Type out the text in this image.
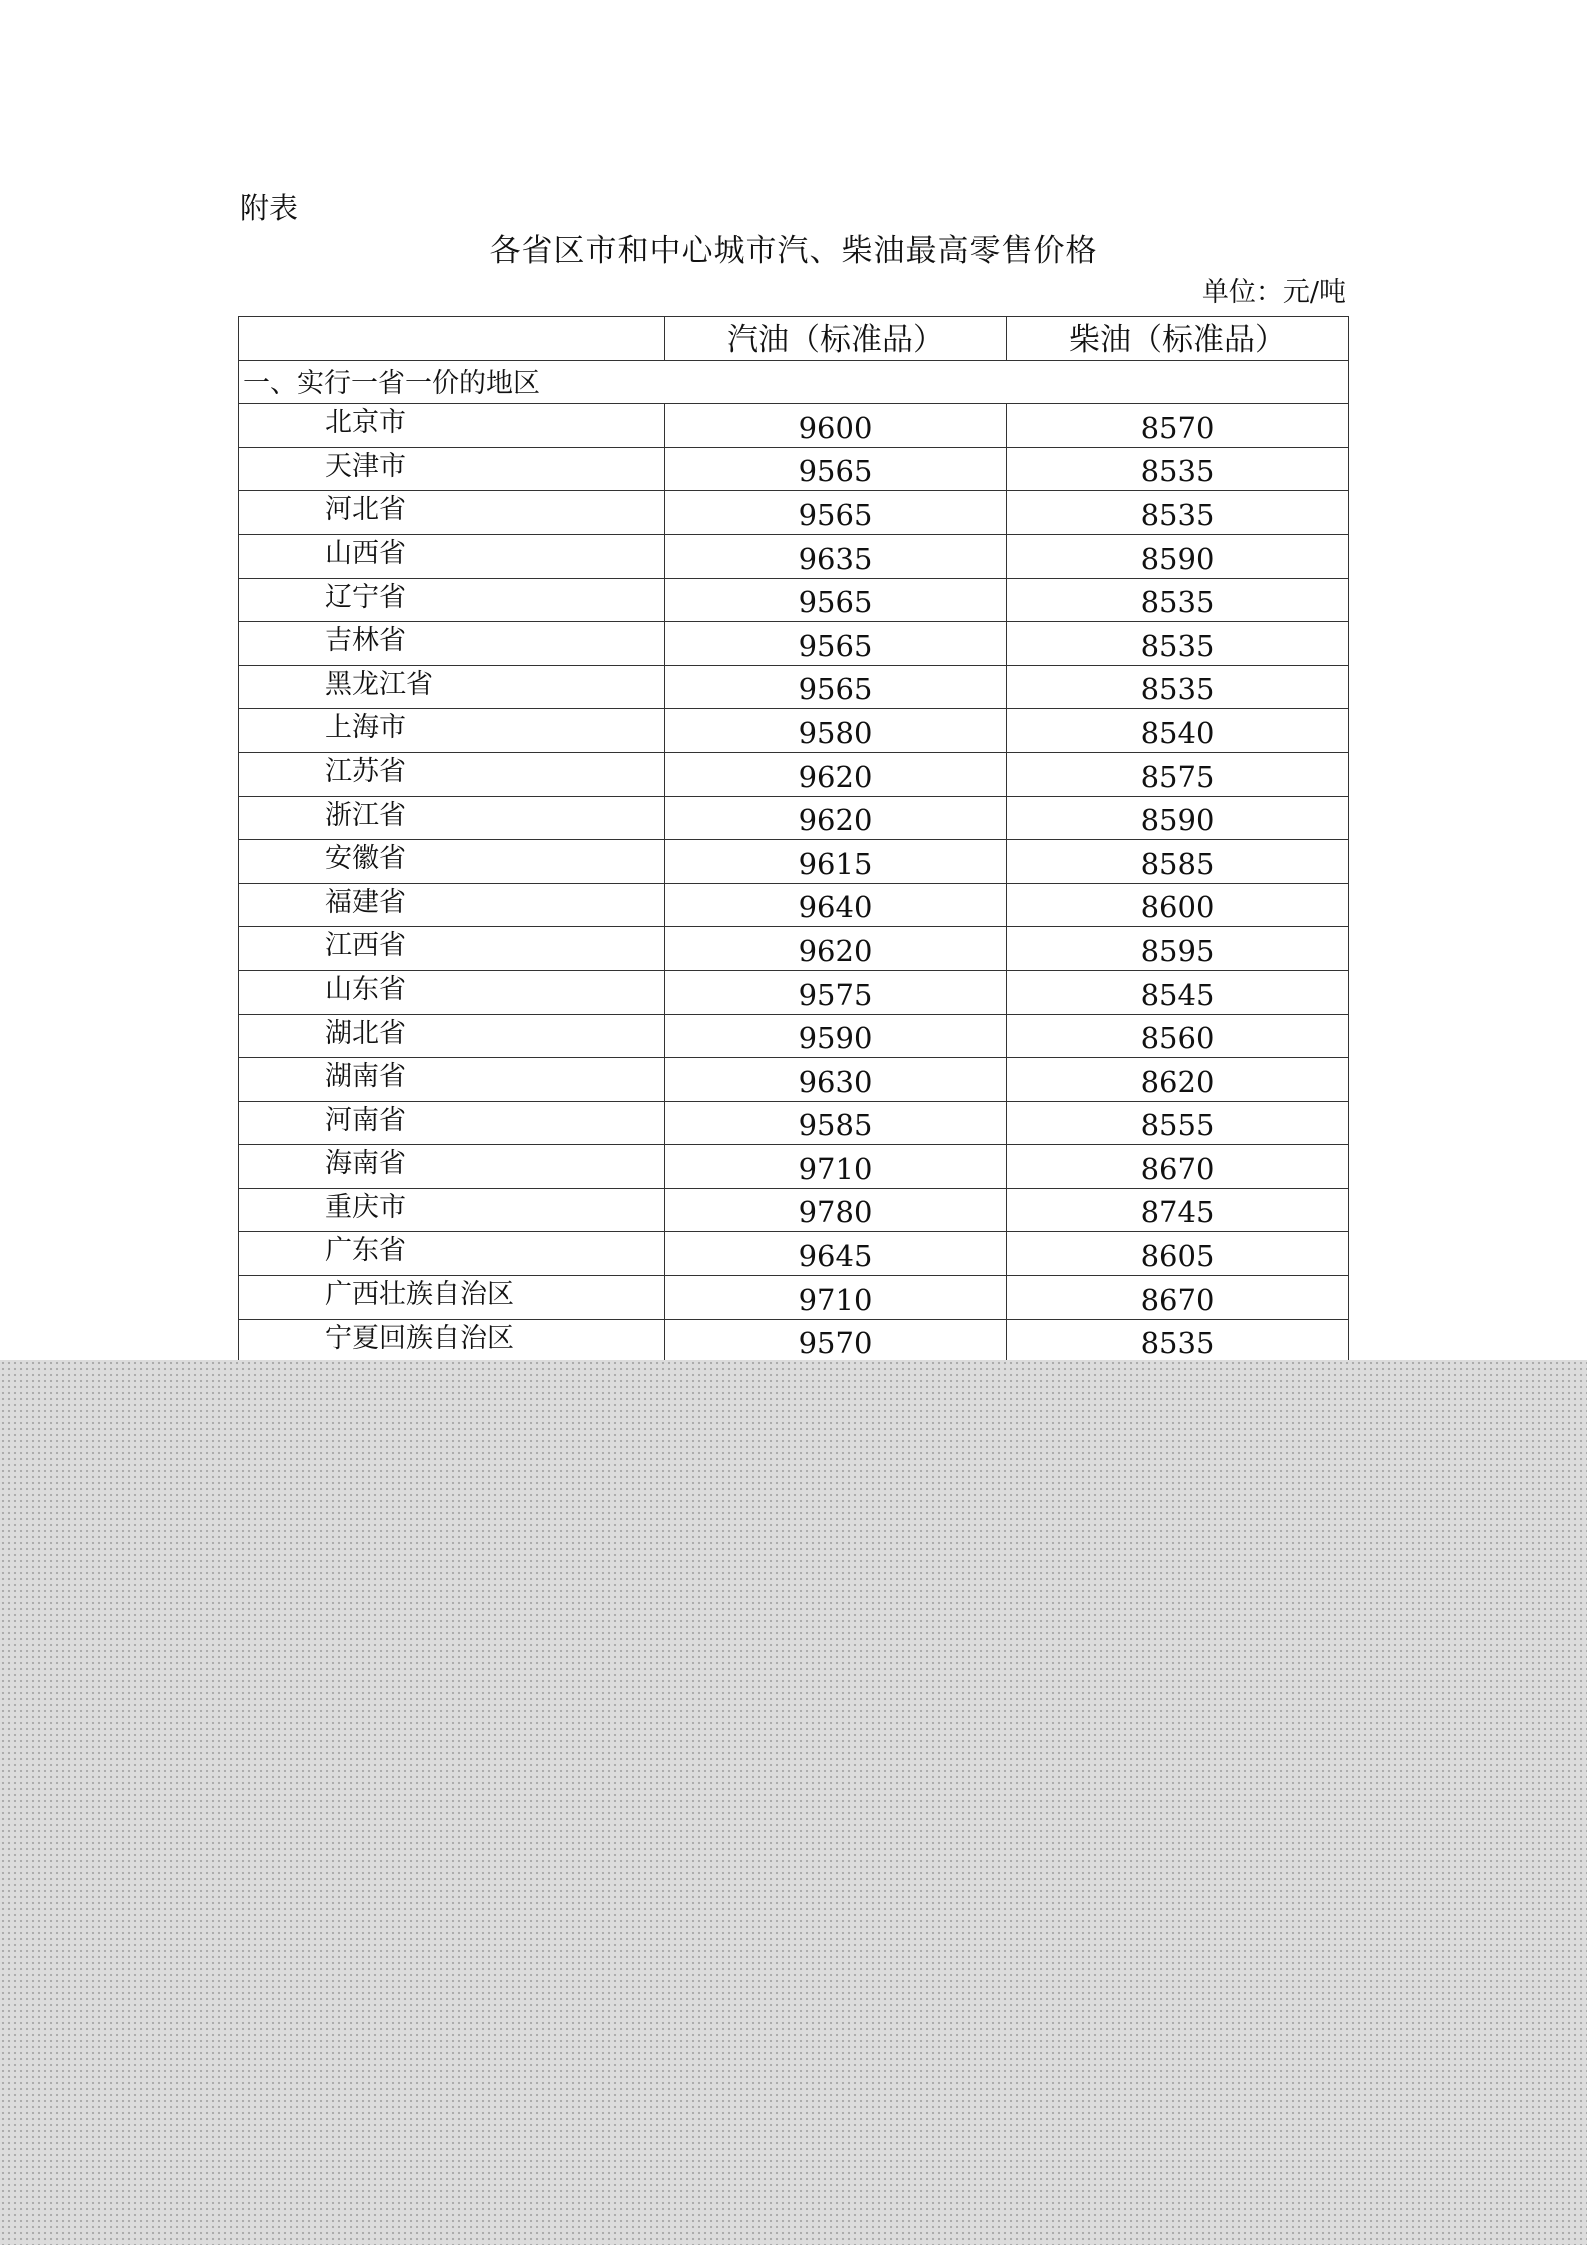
附表
各省区市和中心城市汽、柴油最高零售价格
单位：元/吨
	汽油（标准品）	柴油（标准品）
一、实行一省一价的地区		
北京市	9600	8570
天津市	9565	8535
河北省	9565	8535
山西省	9635	8590
辽宁省	9565	8535
吉林省	9565	8535
黑龙江省	9565	8535
上海市	9580	8540
江苏省	9620	8575
浙江省	9620	8590
安徽省	9615	8585
福建省	9640	8600
江西省	9620	8595
山东省	9575	8545
湖北省	9590	8560
湖南省	9630	8620
河南省	9585	8555
海南省	9710	8670
重庆市	9780	8745
广东省	9645	8605
广西壮族自治区	9710	8670
宁夏回族自治区	9570	8535
